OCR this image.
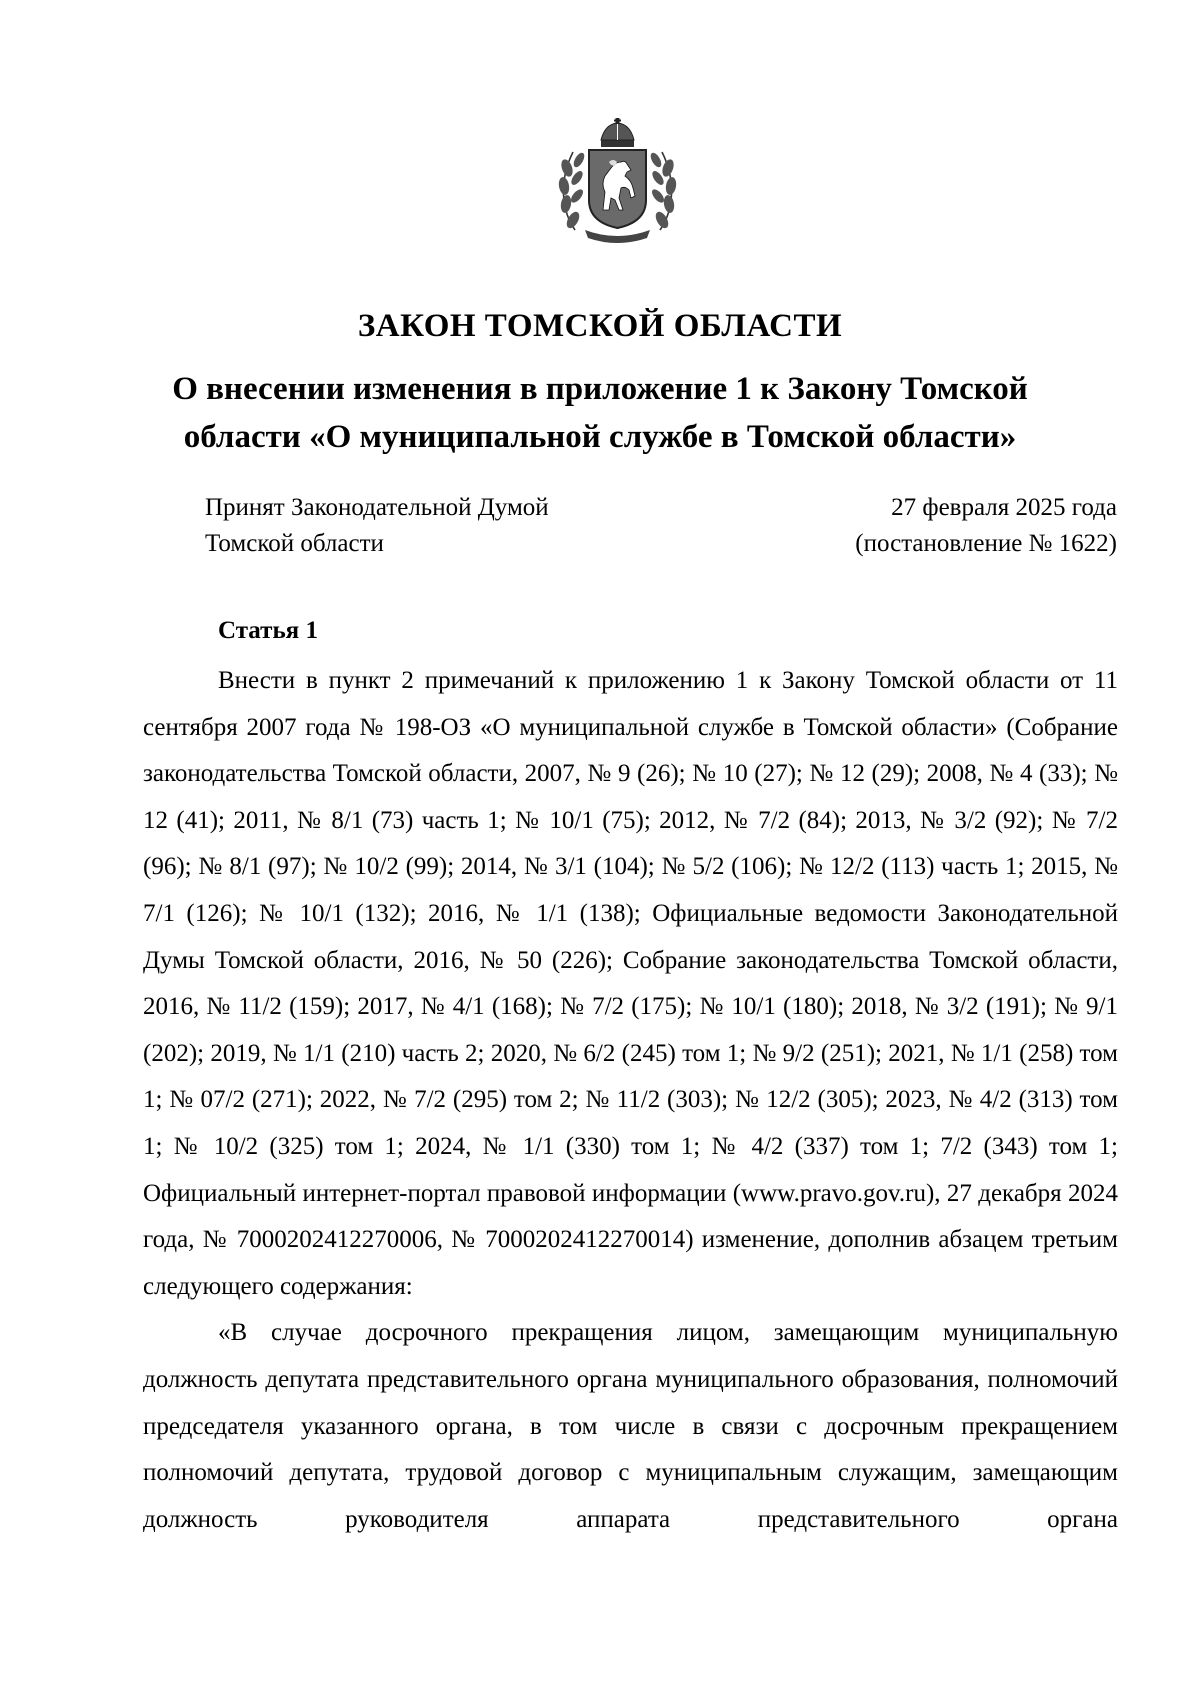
ЗАКОН ТОМСКОЙ ОБЛАСТИ
О внесении изменения в приложение 1 к Закону Томской
области «О муниципальной службе в Томской области»
Принят Законодательной Думой
Томской области
27 февраля 2025 года
(постановление № 1622)
Статья 1

Внести в пункт 2 примечаний к приложению 1 к Закону Томской области от 11 сентября 2007 года № 198-ОЗ «О муниципальной службе в Томской области» (Собрание законодательства Томской области, 2007, № 9 (26); № 10 (27); № 12 (29); 2008, № 4 (33); № 12 (41); 2011, № 8/1 (73) часть 1; № 10/1 (75); 2012, № 7/2 (84); 2013, № 3/2 (92); № 7/2 (96); № 8/1 (97); № 10/2 (99); 2014, № 3/1 (104); № 5/2 (106); № 12/2 (113) часть 1; 2015, № 7/1 (126); № 10/1 (132); 2016, № 1/1 (138); Официальные ведомости Законодательной Думы Томской области, 2016, № 50 (226); Собрание законодательства Томской области, 2016, № 11/2 (159); 2017, № 4/1 (168); № 7/2 (175); № 10/1 (180); 2018, № 3/2 (191); № 9/1 (202); 2019, № 1/1 (210) часть 2; 2020, № 6/2 (245) том 1; № 9/2 (251); 2021, № 1/1 (258) том 1; № 07/2 (271); 2022, № 7/2 (295) том 2; № 11/2 (303); № 12/2 (305); 2023, № 4/2 (313) том 1; № 10/2 (325) том 1; 2024, № 1/1 (330) том 1; № 4/2 (337) том 1; 7/2 (343) том 1; Официальный интернет-портал правовой информации (www.pravo.gov.ru), 27 декабря 2024 года, № 7000202412270006, № 7000202412270014) изменение, дополнив абзацем третьим следующего содержания:

«В случае досрочного прекращения лицом, замещающим муниципальную должность депутата представительного органа муниципального образования, полномочий председателя указанного органа, в том числе в связи с досрочным прекращением полномочий депутата, трудовой договор с муниципальным служащим, замещающим должность руководителя аппарата представительного органа
